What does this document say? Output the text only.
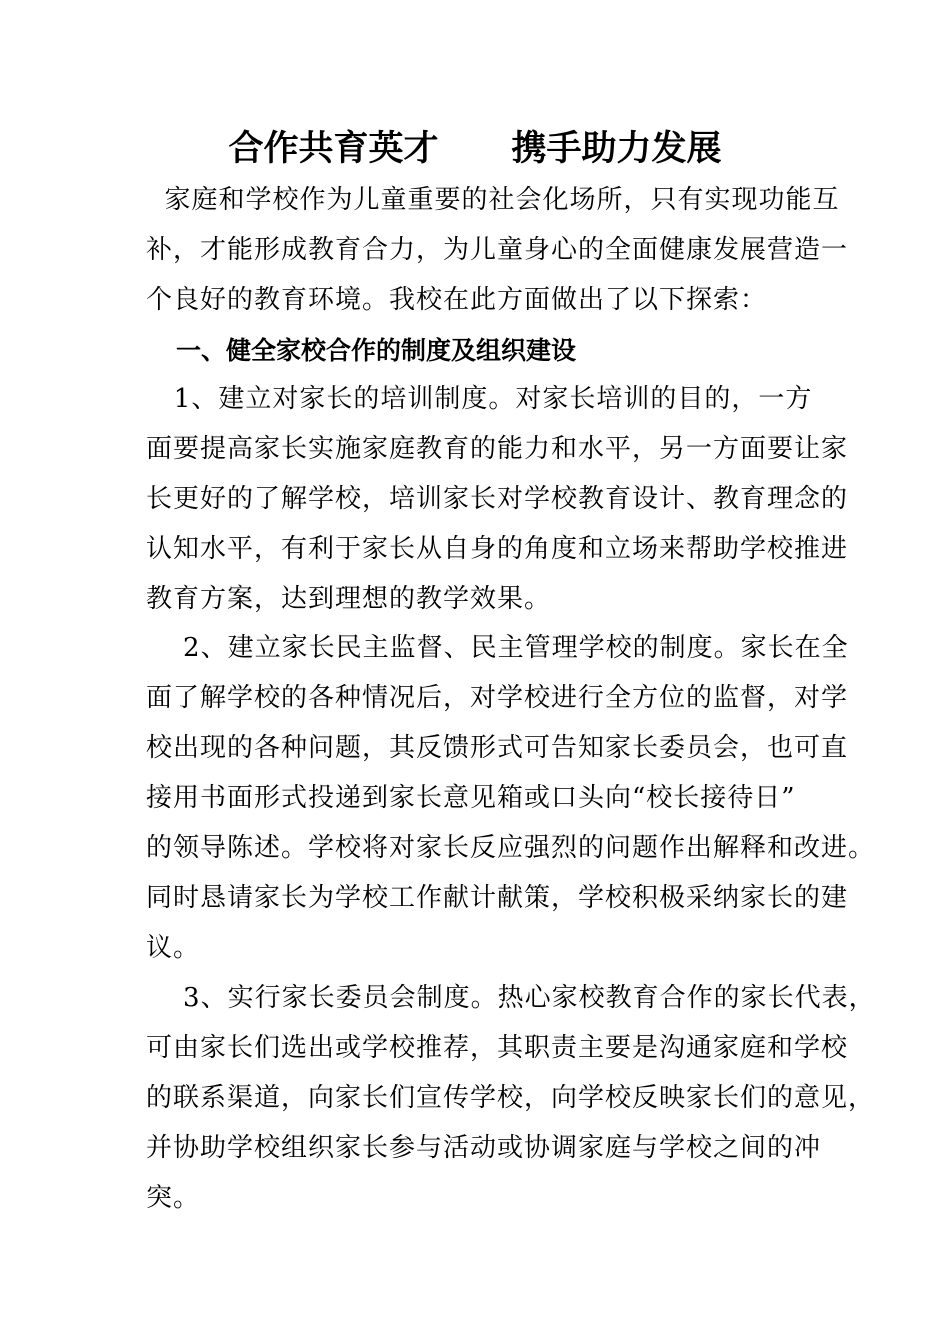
合作共育英才      携手助力发展
家庭和学校作为儿童重要的社会化场所，只有实现功能互
补，才能形成教育合力，为儿童身心的全面健康发展营造一
个良好的教育环境。我校在此方面做出了以下探索：
一、健全家校合作的制度及组织建设
1、建立对家长的培训制度。对家长培训的目的，一方
面要提高家长实施家庭教育的能力和水平，另一方面要让家
长更好的了解学校，培训家长对学校教育设计、教育理念的
认知水平，有利于家长从自身的角度和立场来帮助学校推进
教育方案，达到理想的教学效果。
2、建立家长民主监督、民主管理学校的制度。家长在全
面了解学校的各种情况后，对学校进行全方位的监督，对学
校出现的各种问题，其反馈形式可告知家长委员会，也可直
接用书面形式投递到家长意见箱或口头向“校长接待日”
的领导陈述。学校将对家长反应强烈的问题作出解释和改进。
同时恳请家长为学校工作献计献策，学校积极采纳家长的建
议。
3、实行家长委员会制度。热心家校教育合作的家长代表，
可由家长们选出或学校推荐，其职责主要是沟通家庭和学校
的联系渠道，向家长们宣传学校，向学校反映家长们的意见，
并协助学校组织家长参与活动或协调家庭与学校之间的冲
突。
